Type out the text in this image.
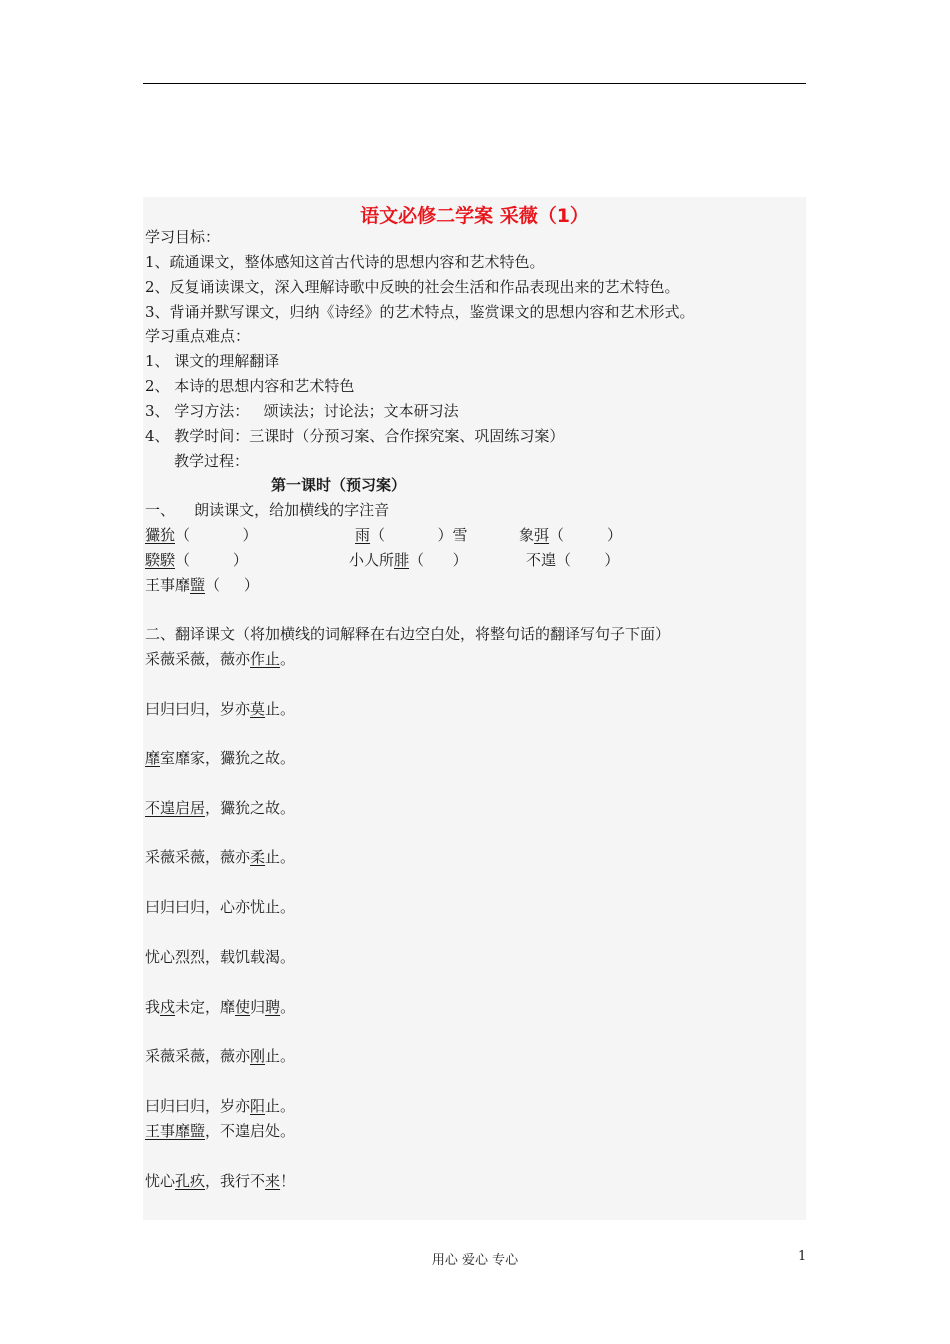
语文必修二学案 采薇（1）
学习目标：
1、疏通课文，整体感知这首古代诗的思想内容和艺术特色。
2、反复诵读课文，深入理解诗歌中反映的社会生活和作品表现出来的艺术特色。
3、背诵并默写课文，归纳《诗经》的艺术特点，鉴赏课文的思想内容和艺术形式。
学习重点难点：
1、 课文的理解翻译
2、 本诗的思想内容和艺术特色
3、 学习方法：   颂读法；讨论法；文本研习法
4、 教学时间：三课时（分预习案、合作探究案、巩固练习案）
教学过程：
第一课时（预习案）
一、    朗读课文，给加横线的字注音
玁狁（           ）	雨（           ）雪	象弭（         ）
騤騤（         ）	小人所腓（      ）	不遑（       ）
王事靡盬（     ）
二、翻译课文（将加横线的词解释在右边空白处，将整句话的翻译写句子下面）
采薇采薇，薇亦作止。
曰归曰归，岁亦莫止。
靡室靡家，玁狁之故。
不遑启居，玁狁之故。
采薇采薇，薇亦柔止。
曰归曰归，心亦忧止。
忧心烈烈，载饥载渴。
我戍未定，靡使归聘。
采薇采薇，薇亦刚止。
曰归曰归，岁亦阳止。
王事靡盬，不遑启处。
忧心孔疚，我行不来！
用心 爱心 专心	1
